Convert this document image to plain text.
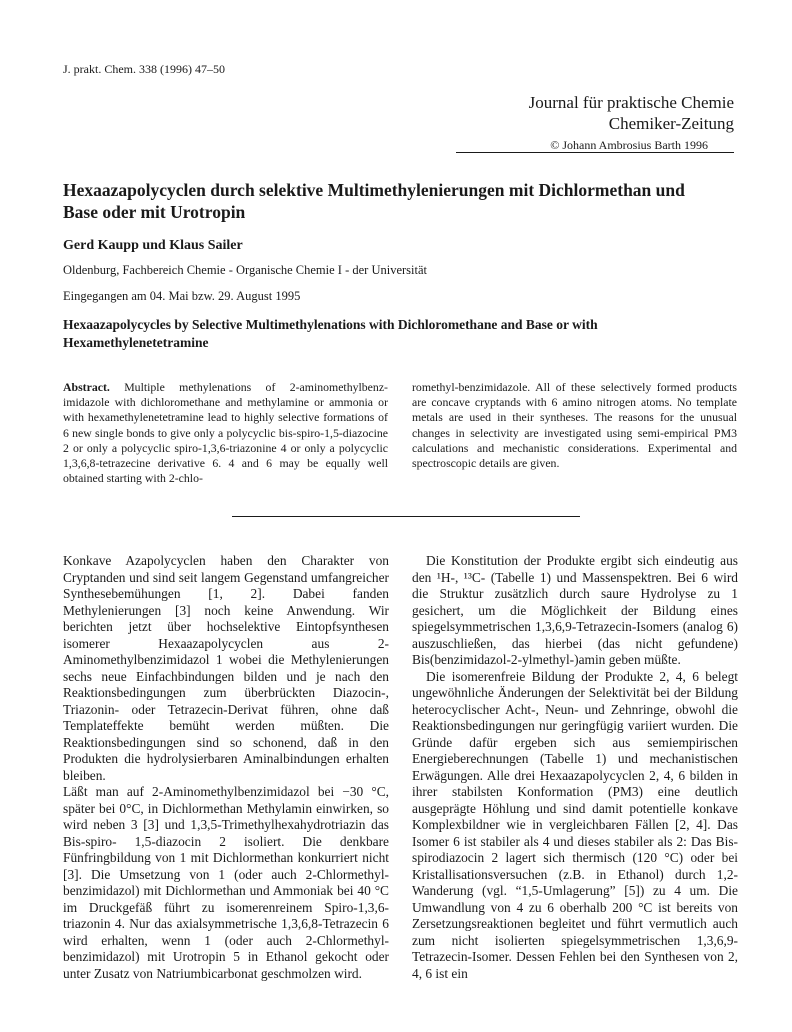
J. prakt. Chem. 338 (1996) 47–50
Journal für praktische Chemie
Chemiker-Zeitung
© Johann Ambrosius Barth 1996
Hexaazapolycyclen durch selektive Multimethylenierungen mit Dichlormethan und Base oder mit Urotropin
Gerd Kaupp und Klaus Sailer
Oldenburg, Fachbereich Chemie - Organische Chemie I - der Universität
Eingegangen am 04. Mai bzw. 29. August 1995
Hexaazapolycycles by Selective Multimethylenations with Dichloromethane and Base or with Hexamethylenetetramine
Abstract. Multiple methylenations of 2-aminomethylbenz-imidazole with dichloromethane and methylamine or ammonia or with hexamethylenetetramine lead to highly selective formations of 6 new single bonds to give only a polycyclic bis-spiro-1,5-diazocine 2 or only a polycyclic spiro-1,3,6-triazonine 4 or only a polycyclic 1,3,6,8-tetrazecine derivative 6. 4 and 6 may be equally well obtained starting with 2-chlo-
romethyl-benzimidazole. All of these selectively formed products are concave cryptands with 6 amino nitrogen atoms. No template metals are used in their syntheses. The reasons for the unusual changes in selectivity are investigated using semi-empirical PM3 calculations and mechanistic considerations. Experimental and spectroscopic details are given.

Konkave Azapolycyclen haben den Charakter von Cryptanden und sind seit langem Gegenstand umfangreicher Synthesebemühungen [1, 2]. Dabei fanden Methylenierungen [3] noch keine Anwendung. Wir berichten jetzt über hochselektive Eintopfsynthesen isomerer Hexaazapolycyclen aus 2-Aminomethylbenzimidazol 1 wobei die Methylenierungen sechs neue Einfachbindungen bilden und je nach den Reaktionsbedingungen zum überbrückten Diazocin-, Triazonin- oder Tetrazecin-Derivat führen, ohne daß Templateffekte bemüht werden müßten. Die Reaktionsbedingungen sind so schonend, daß in den Produkten die hydrolysierbaren Aminalbindungen erhalten bleiben.

Läßt man auf 2-Aminomethylbenzimidazol bei −30 °C, später bei 0°C, in Dichlormethan Methylamin einwirken, so wird neben 3 [3] und 1,3,5-Trimethylhexahydrotriazin das Bis-spiro- 1,5-diazocin 2 isoliert. Die denkbare Fünfringbildung von 1 mit Dichlormethan konkurriert nicht [3]. Die Umsetzung von 1 (oder auch 2-Chlormethyl-benzimidazol) mit Dichlormethan und Ammoniak bei 40 °C im Druckgefäß führt zu isomerenreinem Spiro-1,3,6-triazonin 4. Nur das axialsymmetrische 1,3,6,8-Tetrazecin 6 wird erhalten, wenn 1 (oder auch 2-Chlormethyl-benzimidazol) mit Urotropin 5 in Ethanol gekocht oder unter Zusatz von Natriumbicarbonat geschmolzen wird.

Die Konstitution der Produkte ergibt sich eindeutig aus den ¹H-, ¹³C- (Tabelle 1) und Massenspektren. Bei 6 wird die Struktur zusätzlich durch saure Hydrolyse zu 1 gesichert, um die Möglichkeit der Bildung eines spiegelsymmetrischen 1,3,6,9-Tetrazecin-Isomers (analog 6) auszuschließen, das hierbei (das nicht gefundene) Bis(benzimidazol-2-ylmethyl-)amin geben müßte.

Die isomerenfreie Bildung der Produkte 2, 4, 6 belegt ungewöhnliche Änderungen der Selektivität bei der Bildung heterocyclischer Acht-, Neun- und Zehnringe, obwohl die Reaktionsbedingungen nur geringfügig variiert wurden. Die Gründe dafür ergeben sich aus semiempirischen Energieberechnungen (Tabelle 1) und mechanistischen Erwägungen. Alle drei Hexaazapolycyclen 2, 4, 6 bilden in ihrer stabilsten Konformation (PM3) eine deutlich ausgeprägte Höhlung und sind damit potentielle konkave Komplexbildner wie in vergleichbaren Fällen [2, 4]. Das Isomer 6 ist stabiler als 4 und dieses stabiler als 2: Das Bis-spirodiazocin 2 lagert sich thermisch (120 °C) oder bei Kristallisationsversuchen (z.B. in Ethanol) durch 1,2-Wanderung (vgl. “1,5-Umlagerung” [5]) zu 4 um. Die Umwandlung von 4 zu 6 oberhalb 200 °C ist bereits von Zersetzungsreaktionen begleitet und führt vermutlich auch zum nicht isolierten spiegelsymmetrischen 1,3,6,9-Tetrazecin-Isomer. Dessen Fehlen bei den Synthesen von 2, 4, 6 ist ein
